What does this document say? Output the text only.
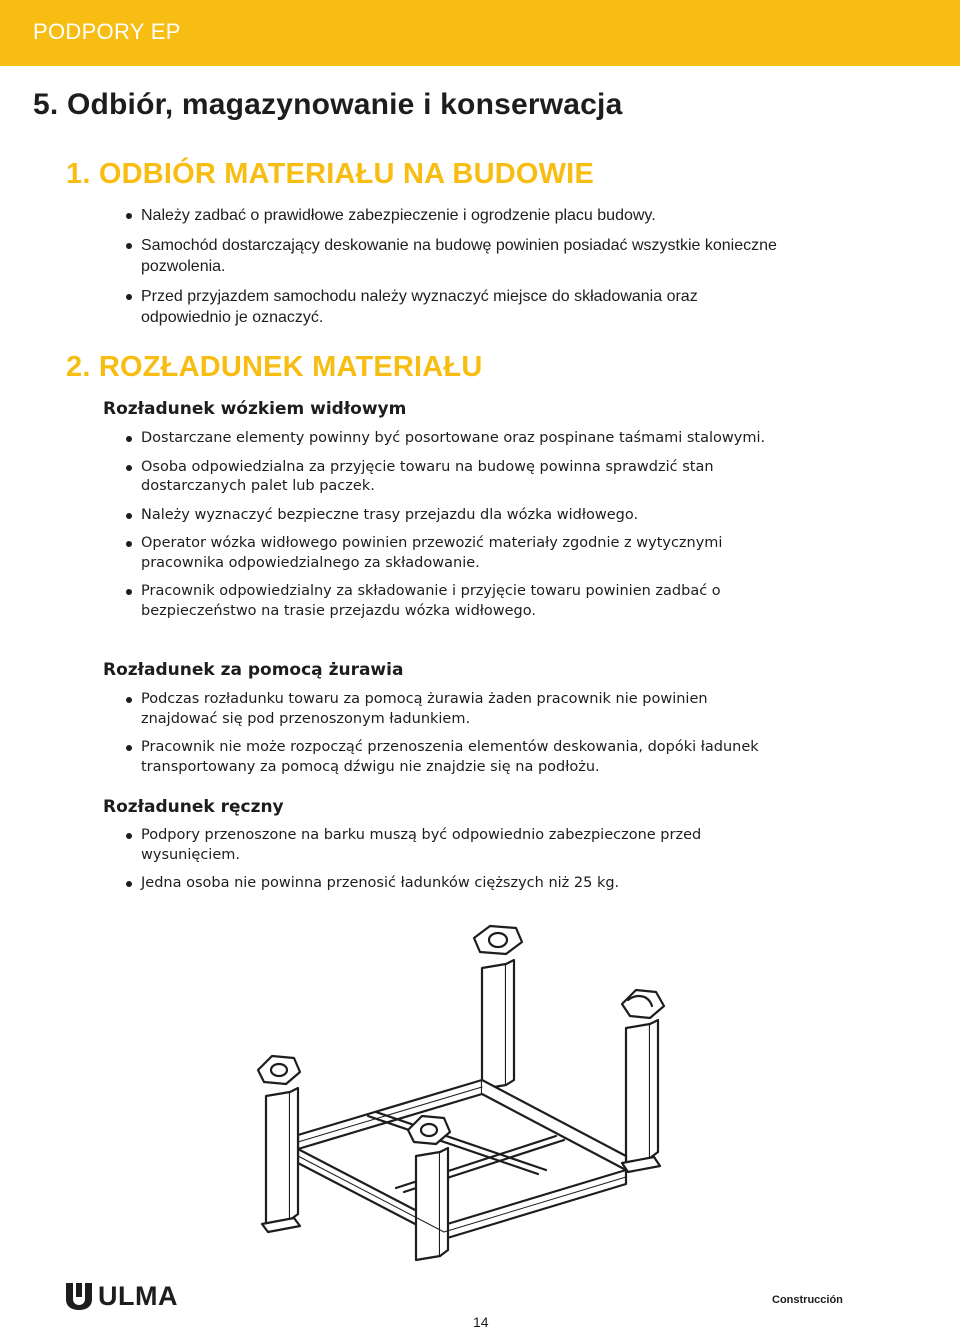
PODPORY EP
5. Odbiór, magazynowanie i konserwacja
1. ODBIÓR MATERIAŁU NA BUDOWIE
Należy zadbać o prawidłowe zabezpieczenie i ogrodzenie placu budowy.
Samochód dostarczający deskowanie na budowę powinien posiadać wszystkie konieczne pozwolenia.
Przed przyjazdem samochodu należy wyznaczyć miejsce do składowania oraz odpowiednio je oznaczyć.
2. ROZŁADUNEK MATERIAŁU
Rozładunek wózkiem widłowym
Dostarczane elementy powinny być posortowane oraz pospinane taśmami stalowymi.
Osoba odpowiedzialna za przyjęcie towaru na budowę powinna sprawdzić stan dostarczanych palet lub paczek.
Należy wyznaczyć bezpieczne trasy przejazdu dla wózka widłowego.
Operator wózka widłowego powinien przewozić materiały zgodnie z wytycznymi pracownika odpowiedzialnego za składowanie.
Pracownik odpowiedzialny za składowanie i przyjęcie towaru powinien zadbać o bezpieczeństwo na trasie przejazdu wózka widłowego.
Rozładunek za pomocą żurawia
Podczas rozładunku towaru za pomocą żurawia żaden pracownik nie powinien znajdować się pod przenoszonym ładunkiem.
Pracownik nie może rozpocząć przenoszenia elementów deskowania, dopóki ładunek transportowany za pomocą dźwigu nie znajdzie się na podłożu.
Rozładunek ręczny
Podpory przenoszone na barku muszą być odpowiednio zabezpieczone przed wysunięciem.
Jedna osoba nie powinna przenosić ładunków cięższych niż 25 kg.
ULMA	Construcción
14
